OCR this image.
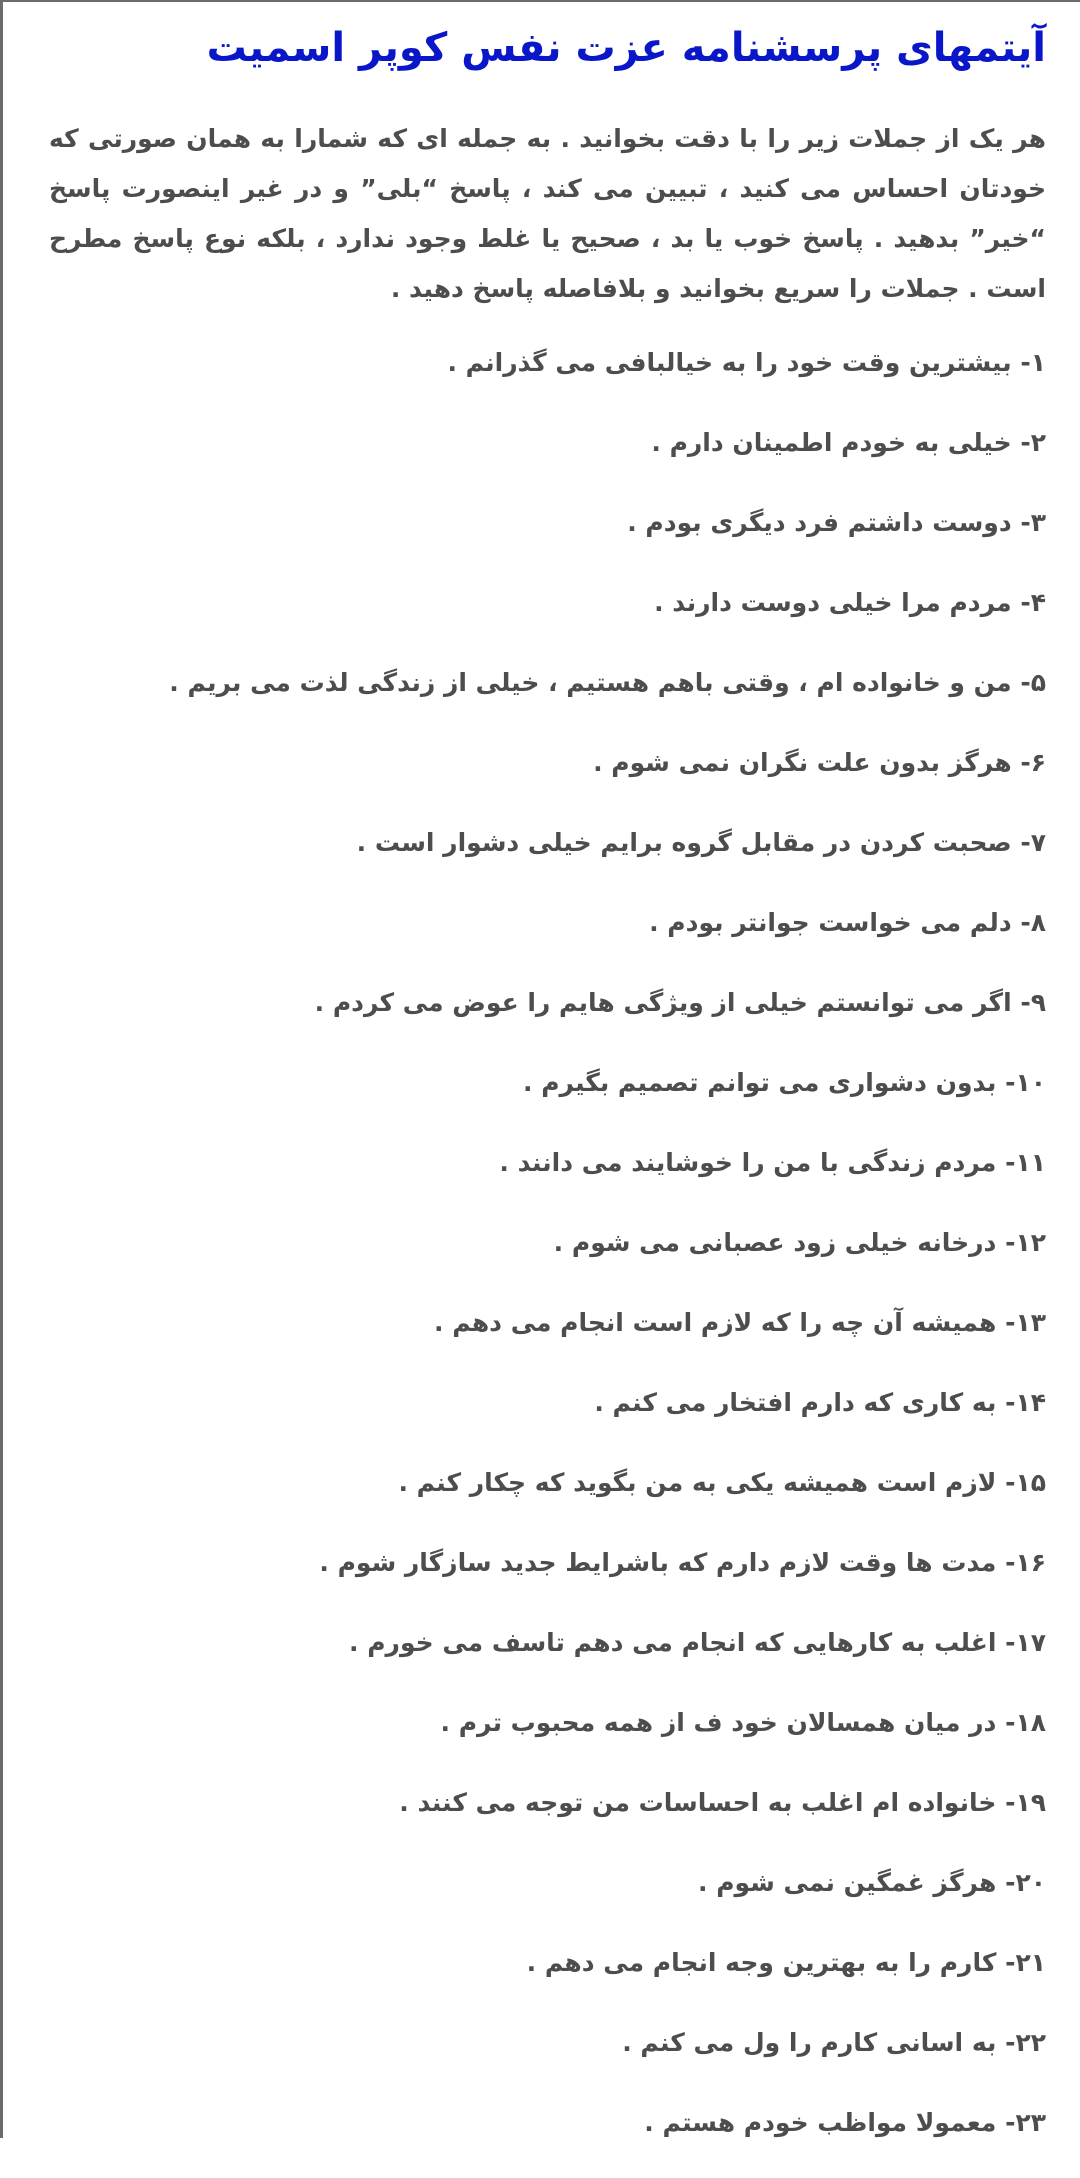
آیتمهای پرسشنامه عزت نفس کوپر اسمیت

هر یک از جملات زیر را با دقت بخوانید . به جمله ای که شمارا به همان صورتی که خودتان احساس می کنید ، تبیین می کند ، پاسخ “بلی” و در غیر اینصورت پاسخ “خیر” بدهید . پاسخ خوب یا بد ، صحیح یا غلط وجود ندارد ، بلکه نوع پاسخ مطرح است . جملات را سریع بخوانید و بلافاصله پاسخ دهید .

۱- بیشترین وقت خود را به خیالبافی می گذرانم .
۲- خیلی به خودم اطمینان دارم .
۳- دوست داشتم فرد دیگری بودم .
۴- مردم مرا خیلی دوست دارند .
۵- من و خانواده ام ، وقتی باهم هستیم ، خیلی از زندگی لذت می بریم .
۶- هرگز بدون علت نگران نمی شوم .
۷- صحبت کردن در مقابل گروه برایم خیلی دشوار است .
۸- دلم می خواست جوانتر بودم .
۹- اگر می توانستم خیلی از ویژگی هایم را عوض می کردم .
۱۰- بدون دشواری می توانم تصمیم بگیرم .
۱۱- مردم زندگی با من را خوشایند می دانند .
۱۲- درخانه خیلی زود عصبانی می شوم .
۱۳- همیشه آن چه را که لازم است انجام می دهم .
۱۴- به کاری که دارم افتخار می کنم .
۱۵- لازم است همیشه یکی به من بگوید که چکار کنم .
۱۶- مدت ها وقت لازم دارم که باشرایط جدید سازگار شوم .
۱۷- اغلب به کارهایی که انجام می دهم تاسف می خورم .
۱۸- در میان همسالان خود ف از همه محبوب ترم .
۱۹- خانواده ام اغلب به احساسات من توجه می کنند .
۲۰- هرگز غمگین نمی شوم .
۲۱- کارم را به بهترین وجه انجام می دهم .
۲۲- به اسانی کارم را ول می کنم .
۲۳- معمولا مواظب خودم هستم .
